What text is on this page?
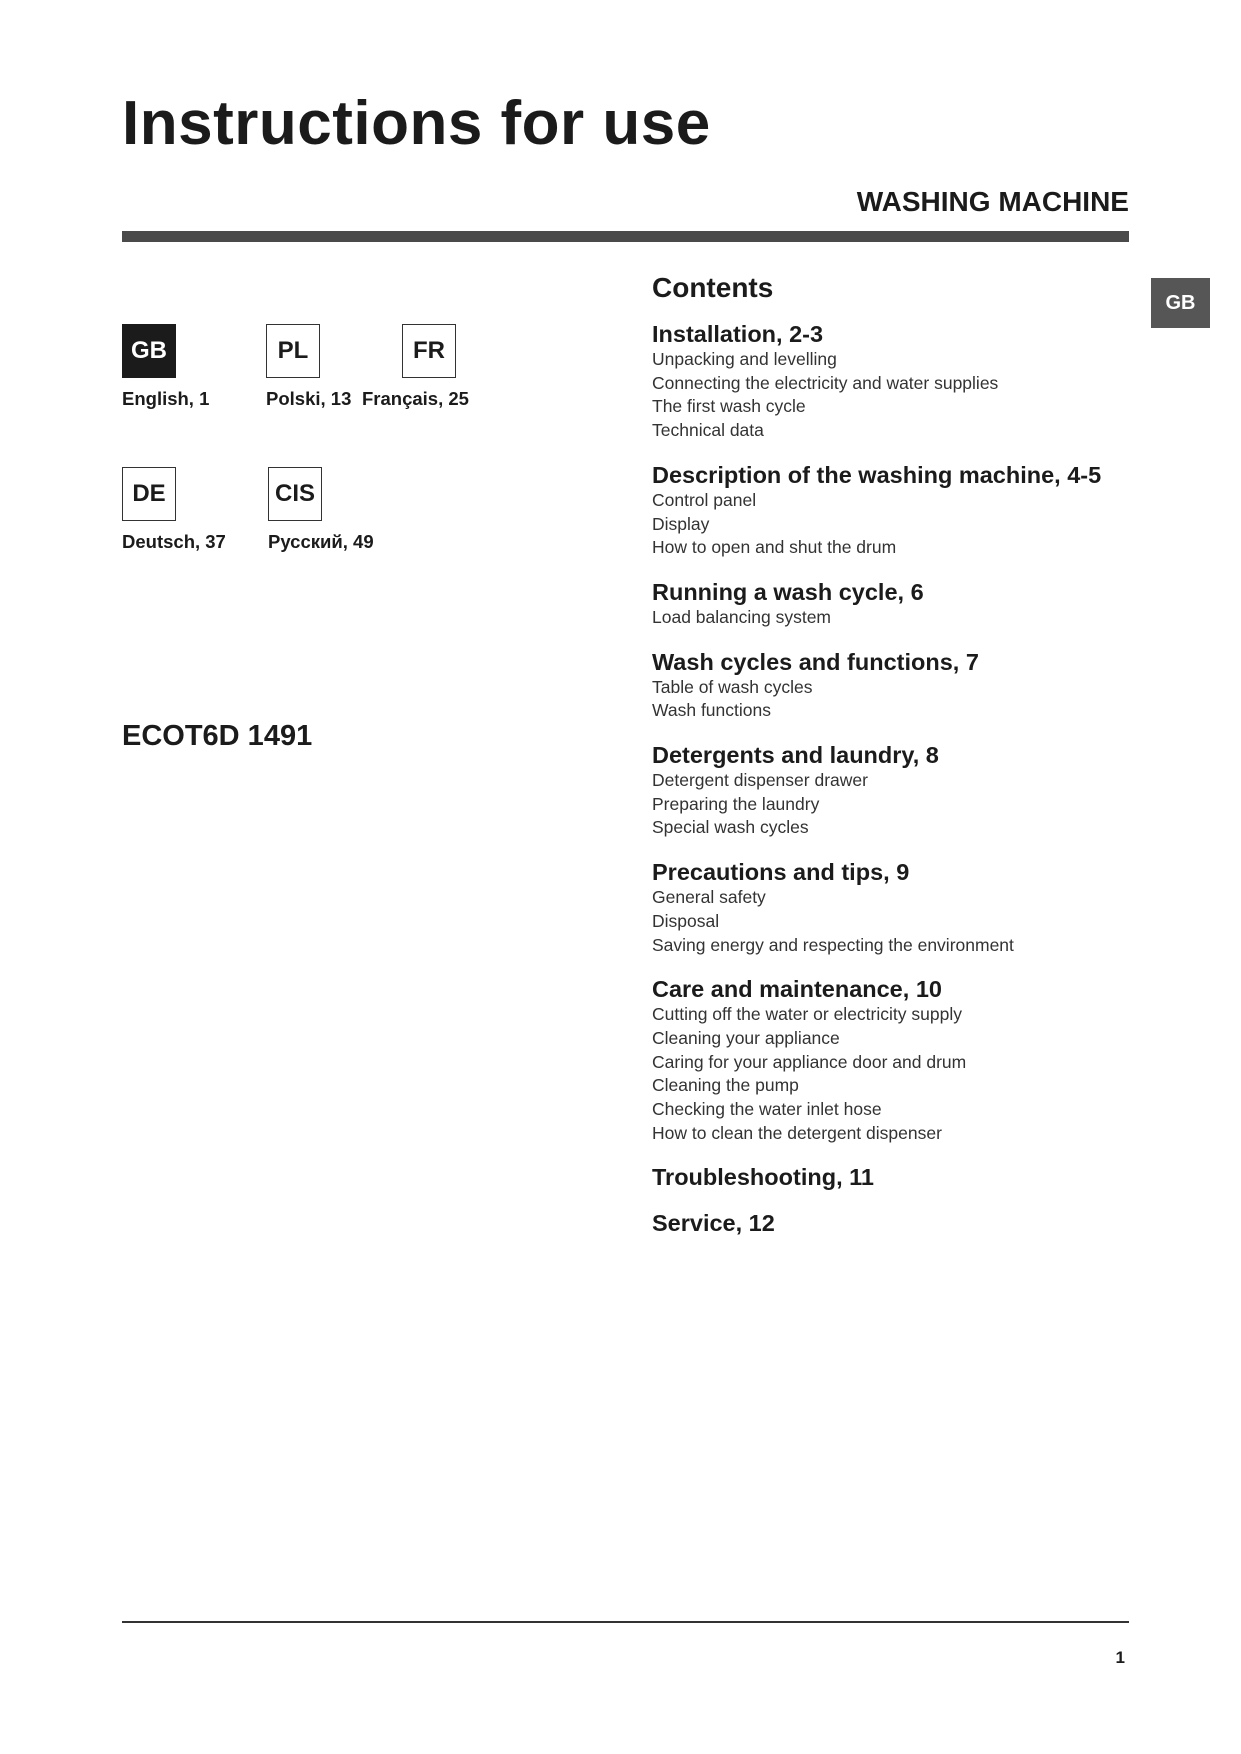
Instructions for use
WASHING MACHINE
GB
GB
English, 1
PL
Polski, 13
FR
Français, 25
DE
Deutsch, 37
CIS
Русский, 49
ECOT6D 1491
Contents
Installation, 2-3
Unpacking and levelling
Connecting the electricity and water supplies
The first wash cycle
Technical data
Description of the washing machine, 4-5
Control panel
Display
How to open and shut the drum
Running a wash cycle, 6
Load balancing system
Wash cycles and functions, 7
Table of wash cycles
Wash functions
Detergents and laundry, 8
Detergent dispenser drawer
Preparing the laundry
Special wash cycles
Precautions and tips, 9
General safety
Disposal
Saving energy and respecting the environment
Care and maintenance, 10
Cutting off the water or electricity supply
Cleaning your appliance
Caring for your appliance door and drum
Cleaning the pump
Checking the water inlet hose
How to clean the detergent dispenser
Troubleshooting, 11
Service, 12
1
